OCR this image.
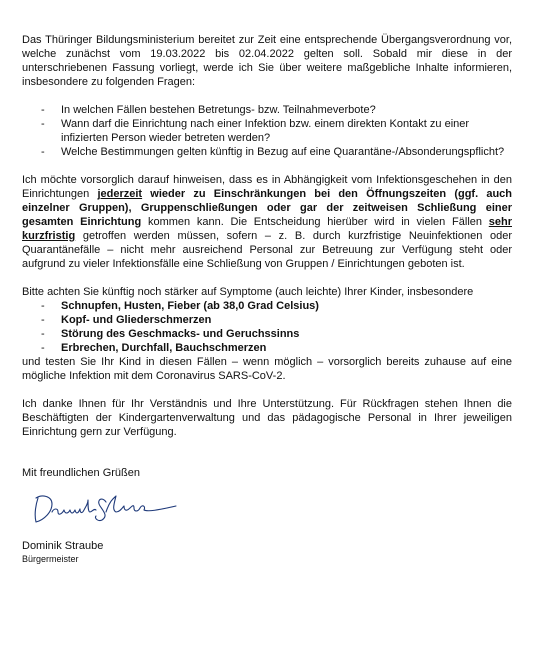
Das Thüringer Bildungsministerium bereitet zur Zeit eine entsprechende Übergangsverordnung vor, welche zunächst vom 19.03.2022 bis 02.04.2022 gelten soll. Sobald mir diese in der unterschriebenen Fassung vorliegt, werde ich Sie über weitere maßgebliche Inhalte informieren, insbesondere zu folgenden Fragen:

- In welchen Fällen bestehen Betretungs- bzw. Teilnahmeverbote?
- Wann darf die Einrichtung nach einer Infektion bzw. einem direkten Kontakt zu einer infizierten Person wieder betreten werden?
- Welche Bestimmungen gelten künftig in Bezug auf eine Quarantäne-/Absonderungspflicht?

Ich möchte vorsorglich darauf hinweisen, dass es in Abhängigkeit vom Infektionsgeschehen in den Einrichtungen jederzeit wieder zu Einschränkungen bei den Öffnungszeiten (ggf. auch einzelner Gruppen), Gruppenschließungen oder gar der zeitweisen Schließung einer gesamten Einrichtung kommen kann. Die Entscheidung hierüber wird in vielen Fällen sehr kurzfristig getroffen werden müssen, sofern – z. B. durch kurzfristige Neuinfektionen oder Quarantänefälle – nicht mehr ausreichend Personal zur Betreuung zur Verfügung steht oder aufgrund zu vieler Infektionsfälle eine Schließung von Gruppen / Einrichtungen geboten ist.

Bitte achten Sie künftig noch stärker auf Symptome (auch leichte) Ihrer Kinder, insbesondere

- Schnupfen, Husten, Fieber (ab 38,0 Grad Celsius)
- Kopf- und Gliederschmerzen
- Störung des Geschmacks- und Geruchssinns
- Erbrechen, Durchfall, Bauchschmerzen

und testen Sie Ihr Kind in diesen Fällen – wenn möglich – vorsorglich bereits zuhause auf eine mögliche Infektion mit dem Coronavirus SARS-CoV-2.

Ich danke Ihnen für Ihr Verständnis und Ihre Unterstützung. Für Rückfragen stehen Ihnen die Beschäftigten der Kindergartenverwaltung und das pädagogische Personal in Ihrer jeweiligen Einrichtung gern zur Verfügung.

Mit freundlichen Grüßen

Dominik Straube
Bürgermeister
